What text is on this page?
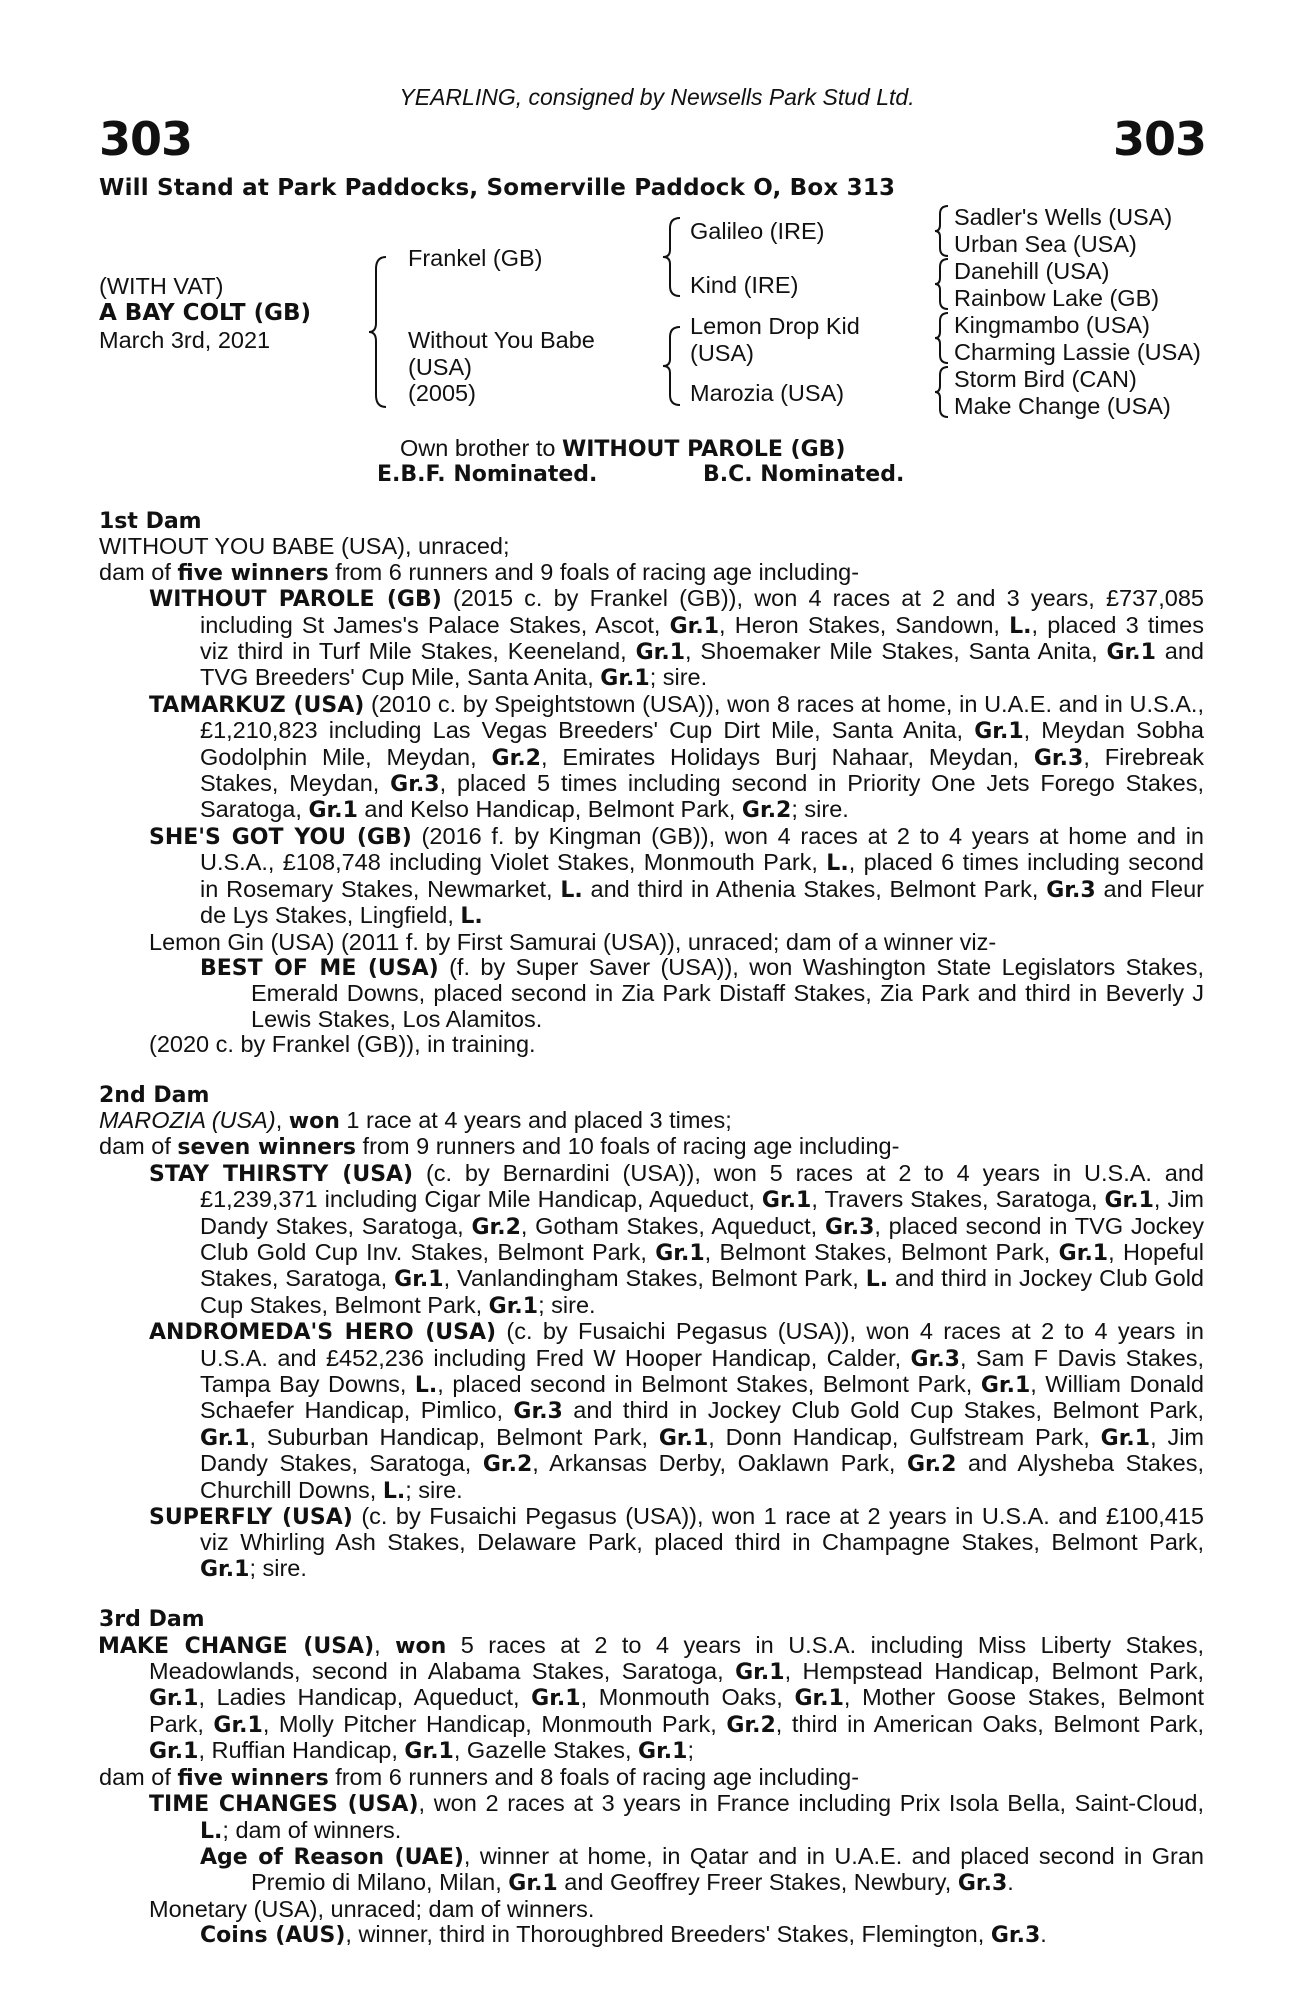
YEARLING, consigned by Newsells Park Stud Ltd.
303	303
Will Stand at Park Paddocks, Somerville Paddock O, Box 313
(WITH VAT)
A BAY COLT (GB)
March 3rd, 2021
Frankel (GB)
Without You Babe
(USA)
(2005)
Galileo (IRE)
Kind (IRE)
Lemon Drop Kid
(USA)
Marozia (USA)
Sadler's Wells (USA)
Urban Sea (USA)
Danehill (USA)
Rainbow Lake (GB)
Kingmambo (USA)
Charming Lassie (USA)
Storm Bird (CAN)
Make Change (USA)
Own brother to WITHOUT PAROLE (GB)
E.B.F. Nominated.	B.C. Nominated.

1st Dam

WITHOUT YOU BABE (USA), unraced;

dam of five winners from 6 runners and 9 foals of racing age including-

WITHOUT PAROLE (GB) (2015 c. by Frankel (GB)), won 4 races at 2 and 3 years, £737,085 including St James's Palace Stakes, Ascot, Gr.1, Heron Stakes, Sandown, L., placed 3 times viz third in Turf Mile Stakes, Keeneland, Gr.1, Shoemaker Mile Stakes, Santa Anita, Gr.1 and TVG Breeders' Cup Mile, Santa Anita, Gr.1; sire.

TAMARKUZ (USA) (2010 c. by Speightstown (USA)), won 8 races at home, in U.A.E. and in U.S.A., £1,210,823 including Las Vegas Breeders' Cup Dirt Mile, Santa Anita, Gr.1, Meydan Sobha Godolphin Mile, Meydan, Gr.2, Emirates Holidays Burj Nahaar, Meydan, Gr.3, Firebreak Stakes, Meydan, Gr.3, placed 5 times including second in Priority One Jets Forego Stakes, Saratoga, Gr.1 and Kelso Handicap, Belmont Park, Gr.2; sire.

SHE'S GOT YOU (GB) (2016 f. by Kingman (GB)), won 4 races at 2 to 4 years at home and in U.S.A., £108,748 including Violet Stakes, Monmouth Park, L., placed 6 times including second in Rosemary Stakes, Newmarket, L. and third in Athenia Stakes, Belmont Park, Gr.3 and Fleur de Lys Stakes, Lingfield, L.

Lemon Gin (USA) (2011 f. by First Samurai (USA)), unraced; dam of a winner viz-

BEST OF ME (USA) (f. by Super Saver (USA)), won Washington State Legislators Stakes, Emerald Downs, placed second in Zia Park Distaff Stakes, Zia Park and third in Beverly J Lewis Stakes, Los Alamitos.

(2020 c. by Frankel (GB)), in training.

2nd Dam

MAROZIA (USA), won 1 race at 4 years and placed 3 times;

dam of seven winners from 9 runners and 10 foals of racing age including-

STAY THIRSTY (USA) (c. by Bernardini (USA)), won 5 races at 2 to 4 years in U.S.A. and £1,239,371 including Cigar Mile Handicap, Aqueduct, Gr.1, Travers Stakes, Saratoga, Gr.1, Jim Dandy Stakes, Saratoga, Gr.2, Gotham Stakes, Aqueduct, Gr.3, placed second in TVG Jockey Club Gold Cup Inv. Stakes, Belmont Park, Gr.1, Belmont Stakes, Belmont Park, Gr.1, Hopeful Stakes, Saratoga, Gr.1, Vanlandingham Stakes, Belmont Park, L. and third in Jockey Club Gold Cup Stakes, Belmont Park, Gr.1; sire.

ANDROMEDA'S HERO (USA) (c. by Fusaichi Pegasus (USA)), won 4 races at 2 to 4 years in U.S.A. and £452,236 including Fred W Hooper Handicap, Calder, Gr.3, Sam F Davis Stakes, Tampa Bay Downs, L., placed second in Belmont Stakes, Belmont Park, Gr.1, William Donald Schaefer Handicap, Pimlico, Gr.3 and third in Jockey Club Gold Cup Stakes, Belmont Park, Gr.1, Suburban Handicap, Belmont Park, Gr.1, Donn Handicap, Gulfstream Park, Gr.1, Jim Dandy Stakes, Saratoga, Gr.2, Arkansas Derby, Oaklawn Park, Gr.2 and Alysheba Stakes, Churchill Downs, L.; sire.

SUPERFLY (USA) (c. by Fusaichi Pegasus (USA)), won 1 race at 2 years in U.S.A. and £100,415 viz Whirling Ash Stakes, Delaware Park, placed third in Champagne Stakes, Belmont Park, Gr.1; sire.

3rd Dam

MAKE CHANGE (USA), won 5 races at 2 to 4 years in U.S.A. including Miss Liberty Stakes, Meadowlands, second in Alabama Stakes, Saratoga, Gr.1, Hempstead Handicap, Belmont Park, Gr.1, Ladies Handicap, Aqueduct, Gr.1, Monmouth Oaks, Gr.1, Mother Goose Stakes, Belmont Park, Gr.1, Molly Pitcher Handicap, Monmouth Park, Gr.2, third in American Oaks, Belmont Park, Gr.1, Ruffian Handicap, Gr.1, Gazelle Stakes, Gr.1;

dam of five winners from 6 runners and 8 foals of racing age including-

TIME CHANGES (USA), won 2 races at 3 years in France including Prix Isola Bella, Saint-Cloud, L.; dam of winners.

Age of Reason (UAE), winner at home, in Qatar and in U.A.E. and placed second in Gran Premio di Milano, Milan, Gr.1 and Geoffrey Freer Stakes, Newbury, Gr.3.

Monetary (USA), unraced; dam of winners.

Coins (AUS), winner, third in Thoroughbred Breeders' Stakes, Flemington, Gr.3.
